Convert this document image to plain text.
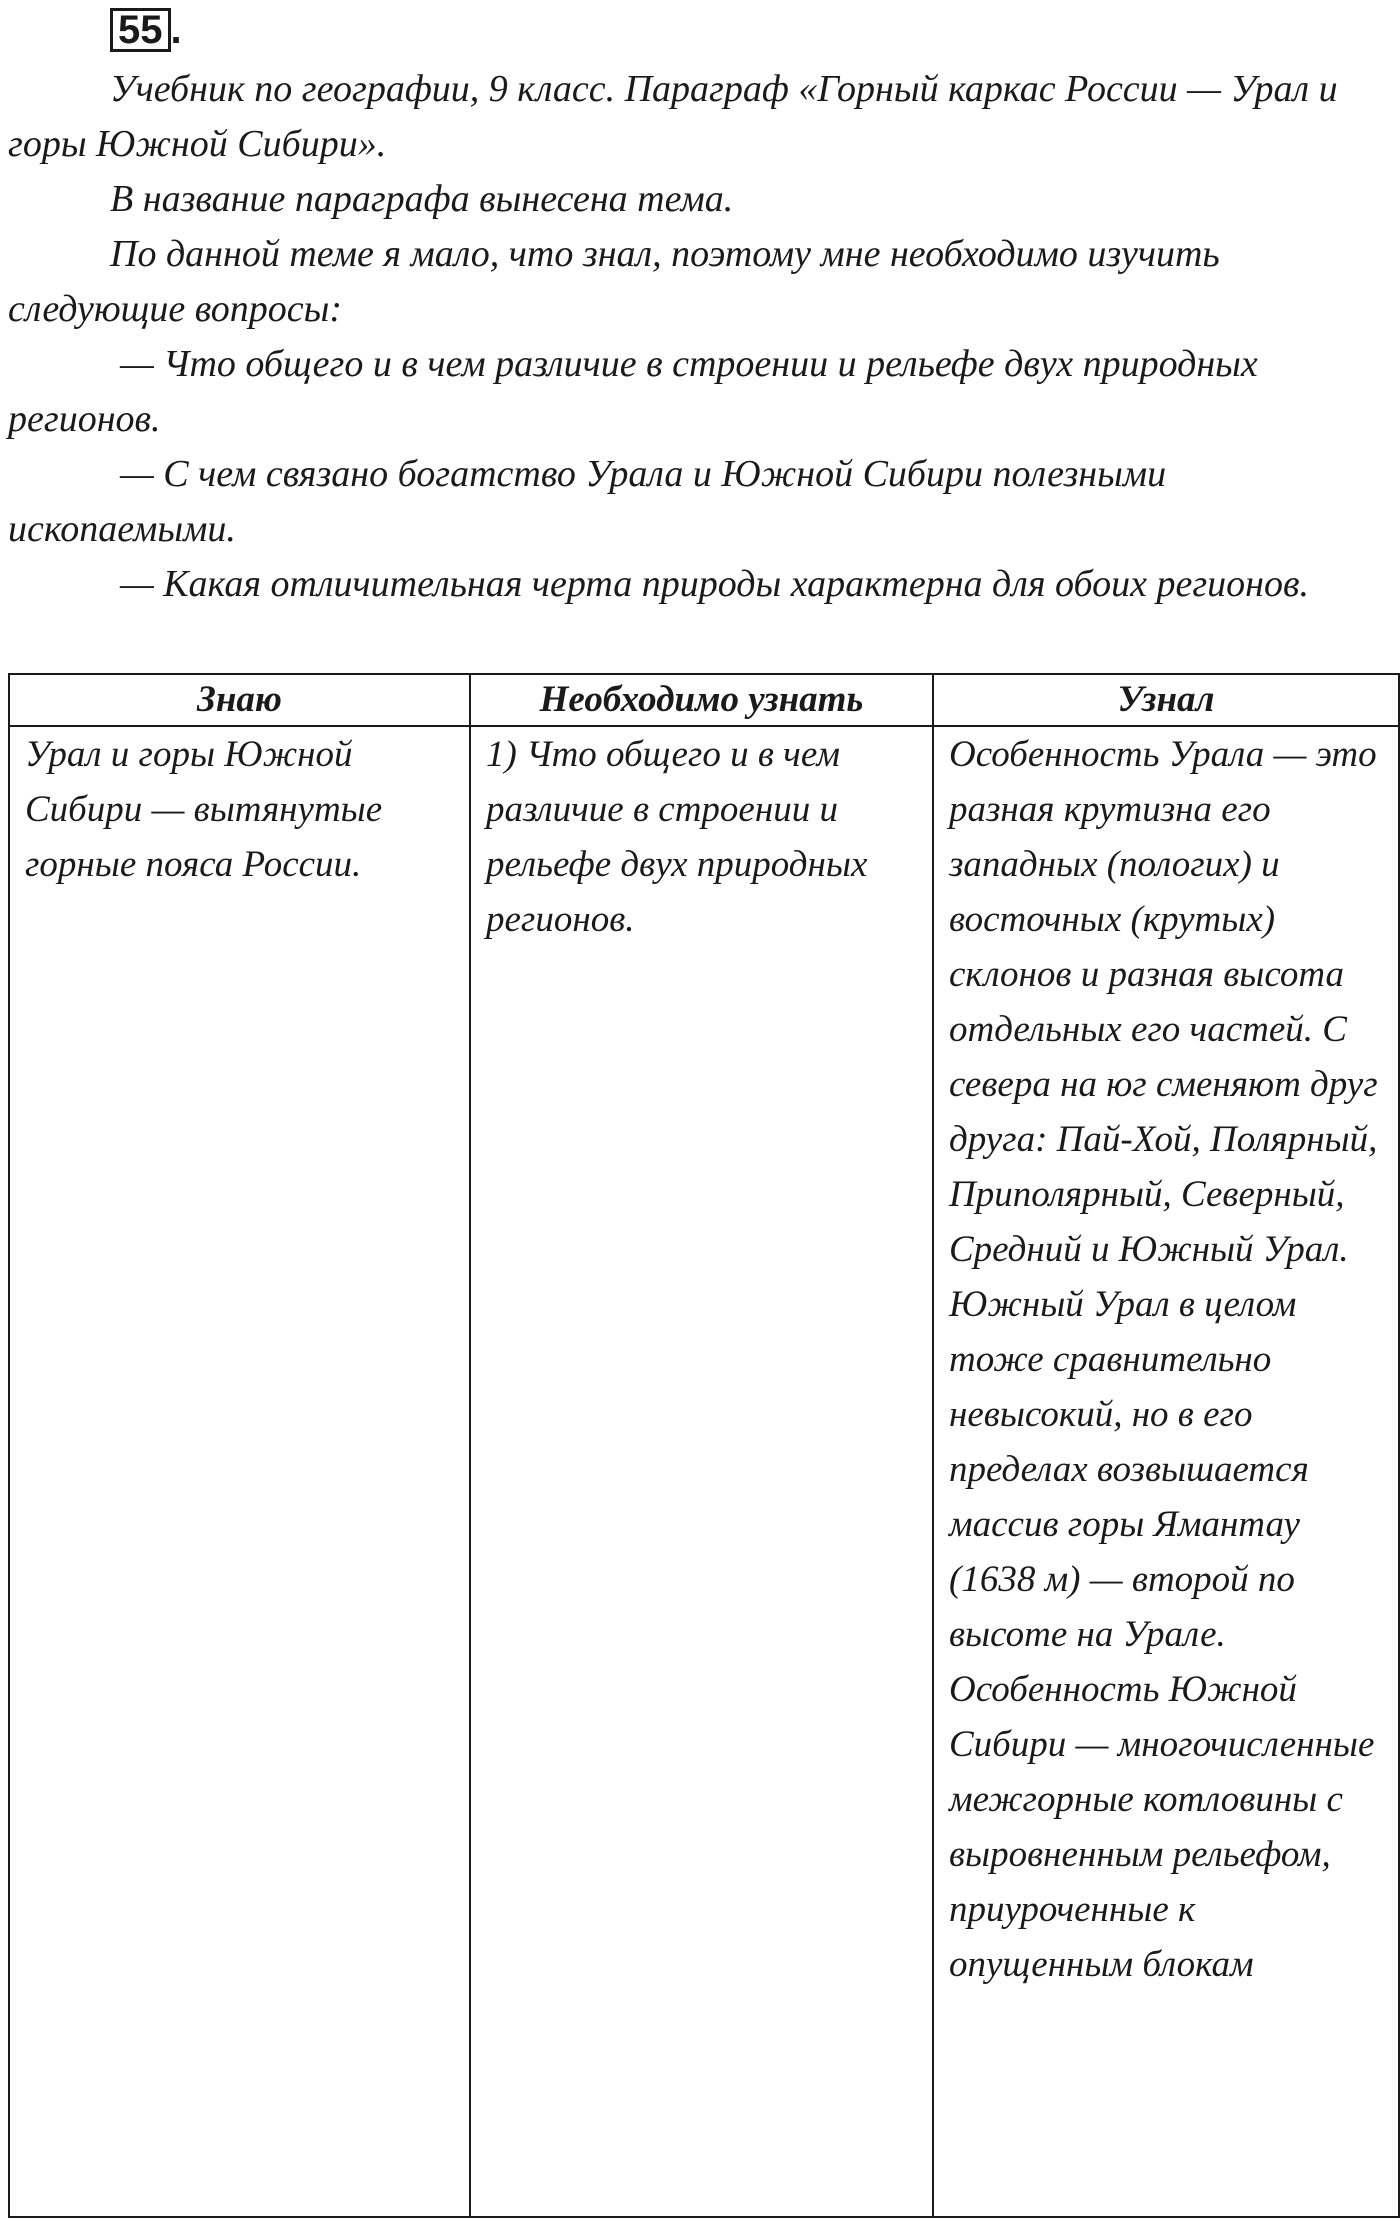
55 .

Учебник по географии, 9 класс. Параграф «Горный каркас России — Урал и горы Южной Сибири».

В название параграфа вынесена тема.

По данной теме я мало, что знал, поэтому мне необходимо изучить следующие вопросы:

— Что общего и в чем различие в строении и рельефе двух природных регионов.

— С чем связано богатство Урала и Южной Сибири полезными ископаемыми.

— Какая отличительная черта природы характерна для обоих регионов.

Знаю	Необходимо узнать	Узнал
Урал и горы Южной Сибири — вытянутые горные пояса России.	1) Что общего и в чем различие в строении и рельефе двух природных регионов.	Особенность Урала — это разная крутизна его западных (пологих) и восточных (крутых) склонов и разная высота отдельных его частей. С севера на юг сменяют друг друга: Пай-Хой, Полярный, Приполярный, Северный, Средний и Южный Урал. Южный Урал в целом тоже сравнительно невысокий, но в его пределах возвышается массив горы Ямантау (1638 м) — второй по высоте на Урале. Особенность Южной Сибири — многочисленные межгорные котловины с выровненным рельефом, приуроченные к опущенным блокам
